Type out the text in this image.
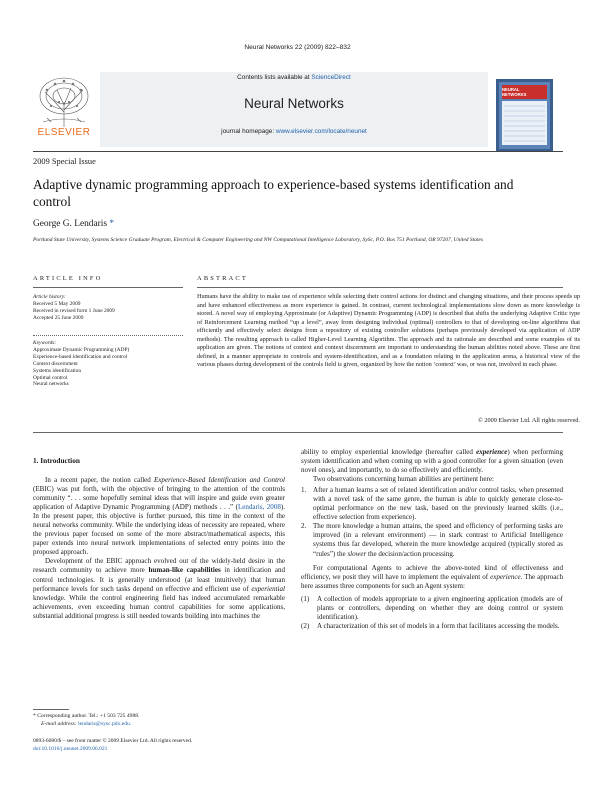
Neural Networks 22 (2009) 822–832
ELSEVIER
Contents lists available at ScienceDirect
Neural Networks
journal homepage: www.elsevier.com/locate/neunet
NEURAL
NETWORKS
2009 Special Issue
Adaptive dynamic programming approach to experience-based systems identification and control
George G. Lendaris *
Portland State University, Systems Science Graduate Program, Electrical & Computer Engineering and NW Computational Intelligence Laboratory, SySc, P.O. Box 751 Portland, OR 97207, United States
ARTICLE INFO	ABSTRACT
Article history:
Received 5 May 2009
Received in revised form 1 June 2009
Accepted 25 June 2009
Keywords:
Approximate Dynamic Programming (ADP)
Experience-based identification and control
Context discernment
Systems identification
Optimal control
Neural networks
Humans have the ability to make use of experience while selecting their control actions for distinct and changing situations, and their process speeds up and have enhanced effectiveness as more experience is gained. In contrast, current technological implementations slow down as more knowledge is stored. A novel way of employing Approximate (or Adaptive) Dynamic Programming (ADP) is described that shifts the underlying Adaptive Critic type of Reinforcement Learning method “up a level”, away from designing individual (optimal) controllers to that of developing on-line algorithms that efficiently and effectively select designs from a repository of existing controller solutions (perhaps previously developed via application of ADP methods). The resulting approach is called Higher-Level Learning Algorithm. The approach and its rationale are described and some examples of its application are given. The notions of context and context discernment are important to understanding the human abilities noted above. These are first defined, in a manner appropriate to controls and system-identification, and as a foundation relating to the application arena, a historical view of the various phases during development of the controls field is given, organized by how the notion ‘context’ was, or was not, involved in each phase.
© 2009 Elsevier Ltd. All rights reserved.
1. Introduction

In a recent paper, the notion called Experience-Based Identification and Control (EBIC) was put forth, with the objective of bringing to the attention of the controls community “. . . some hopefully seminal ideas that will inspire and guide even greater application of Adaptive Dynamic Programming (ADP) methods . . .” (Lendaris, 2008). In the present paper, this objective is further pursued, this time in the context of the neural networks community. While the underlying ideas of necessity are repeated, where the previous paper focused on some of the more abstract/mathematical aspects, this paper extends into neural network implementations of selected entry points into the proposed approach.

Development of the EBIC approach evolved out of the widely-held desire in the research community to achieve more human-like capabilities in identification and control technologies. It is generally understood (at least intuitively) that human performance levels for such tasks depend on effective and efficient use of experiential knowledge. While the control engineering field has indeed accumulated remarkable achievements, even exceeding human control capabilities for some applications, substantial additional progress is still needed towards building into machines the

ability to employ experiential knowledge (hereafter called experience) when performing system identification and when coming up with a good controller for a given situation (even novel ones), and importantly, to do so effectively and efficiently.

Two observations concerning human abilities are pertinent here:

1. After a human learns a set of related identification and/or control tasks, when presented with a novel task of the same genre, the human is able to quickly generate close-to-optimal performance on the new task, based on the previously learned skills (i.e., effective selection from experience).
2. The more knowledge a human attains, the speed and efficiency of performing tasks are improved (in a relevant environment) — in stark contrast to Artificial Intelligence systems thus far developed, wherein the more knowledge acquired (typically stored as “rules”) the slower the decision/action processing.

For computational Agents to achieve the above-noted kind of effectiveness and efficiency, we posit they will have to implement the equivalent of experience. The approach here assumes three components for such an Agent system:

(1) A collection of models appropriate to a given engineering application (models are of plants or controllers, depending on whether they are doing control or system identification).
(2) A characterization of this set of models in a form that facilitates accessing the models.
* Corresponding author. Tel.: +1 503 725 4988.
E-mail address: lendaris@sysc.pdx.edu.
0893-6080/$ – see front matter © 2009 Elsevier Ltd. All rights reserved.
doi:10.1016/j.neunet.2009.06.021
